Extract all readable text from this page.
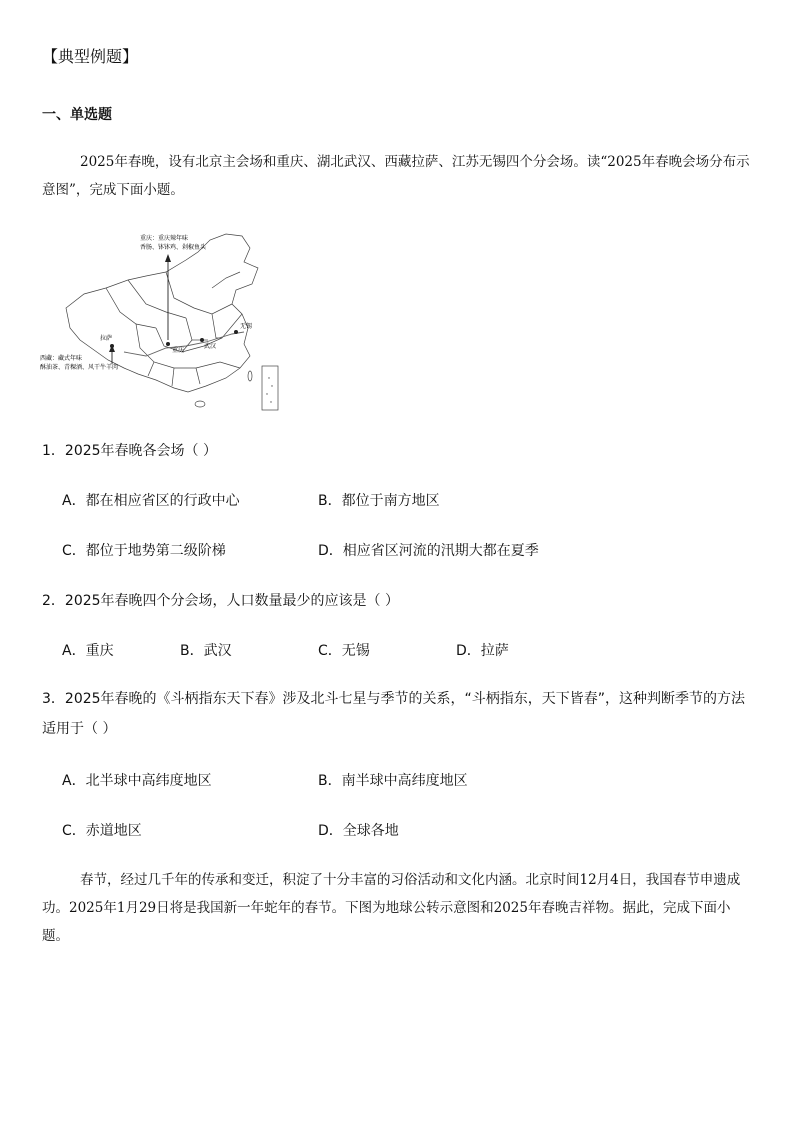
【典型例题】
一、单选题
2025年春晚，设有北京主会场和重庆、湖北武汉、西藏拉萨、江苏无锡四个分会场。读“2025年春晚会场分布示意图”，完成下面小题。
重庆：重庆辣年味
香肠、钵钵鸡、剁椒鱼头
拉萨
西藏：藏式年味
酥油茶、青稞酒、风干牛羊肉
重庆
武汉
无锡
1．2025年春晚各会场（ ）
A．都在相应省区的行政中心	B．都位于南方地区
C．都位于地势第二级阶梯	D．相应省区河流的汛期大都在夏季
2．2025年春晚四个分会场，人口数量最少的应该是（ ）
A．重庆	B．武汉	C．无锡	D．拉萨
3．2025年春晚的《斗柄指东天下春》涉及北斗七星与季节的关系，“斗柄指东，天下皆春”，这种判断季节的方法适用于（ ）
A．北半球中高纬度地区	B．南半球中高纬度地区
C．赤道地区	D．全球各地
春节，经过几千年的传承和变迁，积淀了十分丰富的习俗活动和文化内涵。北京时间12月4日，我国春节申遗成功。2025年1月29日将是我国新一年蛇年的春节。下图为地球公转示意图和2025年春晚吉祥物。据此，完成下面小题。
